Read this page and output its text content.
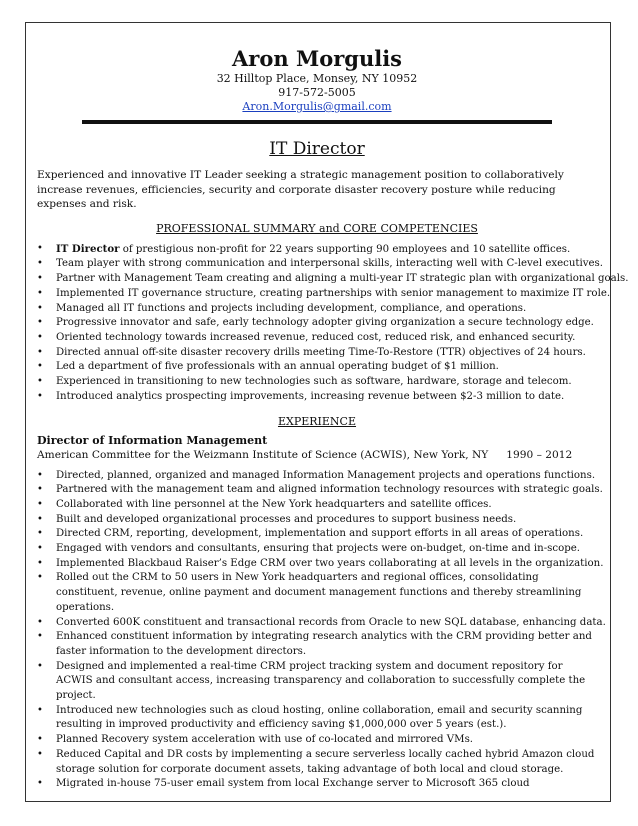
Aron Morgulis
32 Hilltop Place, Monsey, NY 10952
917-572-5005
Aron.Morgulis@gmail.com
IT Director
Experienced and innovative IT Leader seeking a strategic management position to collaboratively increase revenues, efficiencies, security and corporate disaster recovery posture while reducing expenses and risk.
PROFESSIONAL SUMMARY and CORE COMPETENCIES
• IT Director of prestigious non-profit for 22 years supporting 90 employees and 10 satellite offices.
• Team player with strong communication and interpersonal skills, interacting well with C-level executives.
• Partner with Management Team creating and aligning a multi-year IT strategic plan with organizational goals.
• Implemented IT governance structure, creating partnerships with senior management to maximize IT role.
• Managed all IT functions and projects including development, compliance, and operations.
• Progressive innovator and safe, early technology adopter giving organization a secure technology edge.
• Oriented technology towards increased revenue, reduced cost, reduced risk, and enhanced security.
• Directed annual off-site disaster recovery drills meeting Time-To-Restore (TTR) objectives of 24 hours.
• Led a department of five professionals with an annual operating budget of $1 million.
• Experienced in transitioning to new technologies such as software, hardware, storage and telecom.
• Introduced analytics prospecting improvements, increasing revenue between $2-3 million to date.
EXPERIENCE
Director of Information Management
American Committee for the Weizmann Institute of Science (ACWIS), New York, NY 1990 – 2012
• Directed, planned, organized and managed Information Management projects and operations functions.
• Partnered with the management team and aligned information technology resources with strategic goals.
• Collaborated with line personnel at the New York headquarters and satellite offices.
• Built and developed organizational processes and procedures to support business needs.
• Directed CRM, reporting, development, implementation and support efforts in all areas of operations.
• Engaged with vendors and consultants, ensuring that projects were on-budget, on-time and in-scope.
• Implemented Blackbaud Raiser’s Edge CRM over two years collaborating at all levels in the organization.
• Rolled out the CRM to 50 users in New York headquarters and regional offices, consolidating constituent, revenue, online payment and document management functions and thereby streamlining operations.
• Converted 600K constituent and transactional records from Oracle to new SQL database, enhancing data.
• Enhanced constituent information by integrating research analytics with the CRM providing better and faster information to the development directors.
• Designed and implemented a real-time CRM project tracking system and document repository for ACWIS and consultant access, increasing transparency and collaboration to successfully complete the project.
• Introduced new technologies such as cloud hosting, online collaboration, email and security scanning resulting in improved productivity and efficiency saving $1,000,000 over 5 years (est.).
• Planned Recovery system acceleration with use of co-located and mirrored VMs.
• Reduced Capital and DR costs by implementing a secure serverless locally cached hybrid Amazon cloud storage solution for corporate document assets, taking advantage of both local and cloud storage.
• Migrated in-house 75-user email system from local Exchange server to Microsoft 365 cloud
